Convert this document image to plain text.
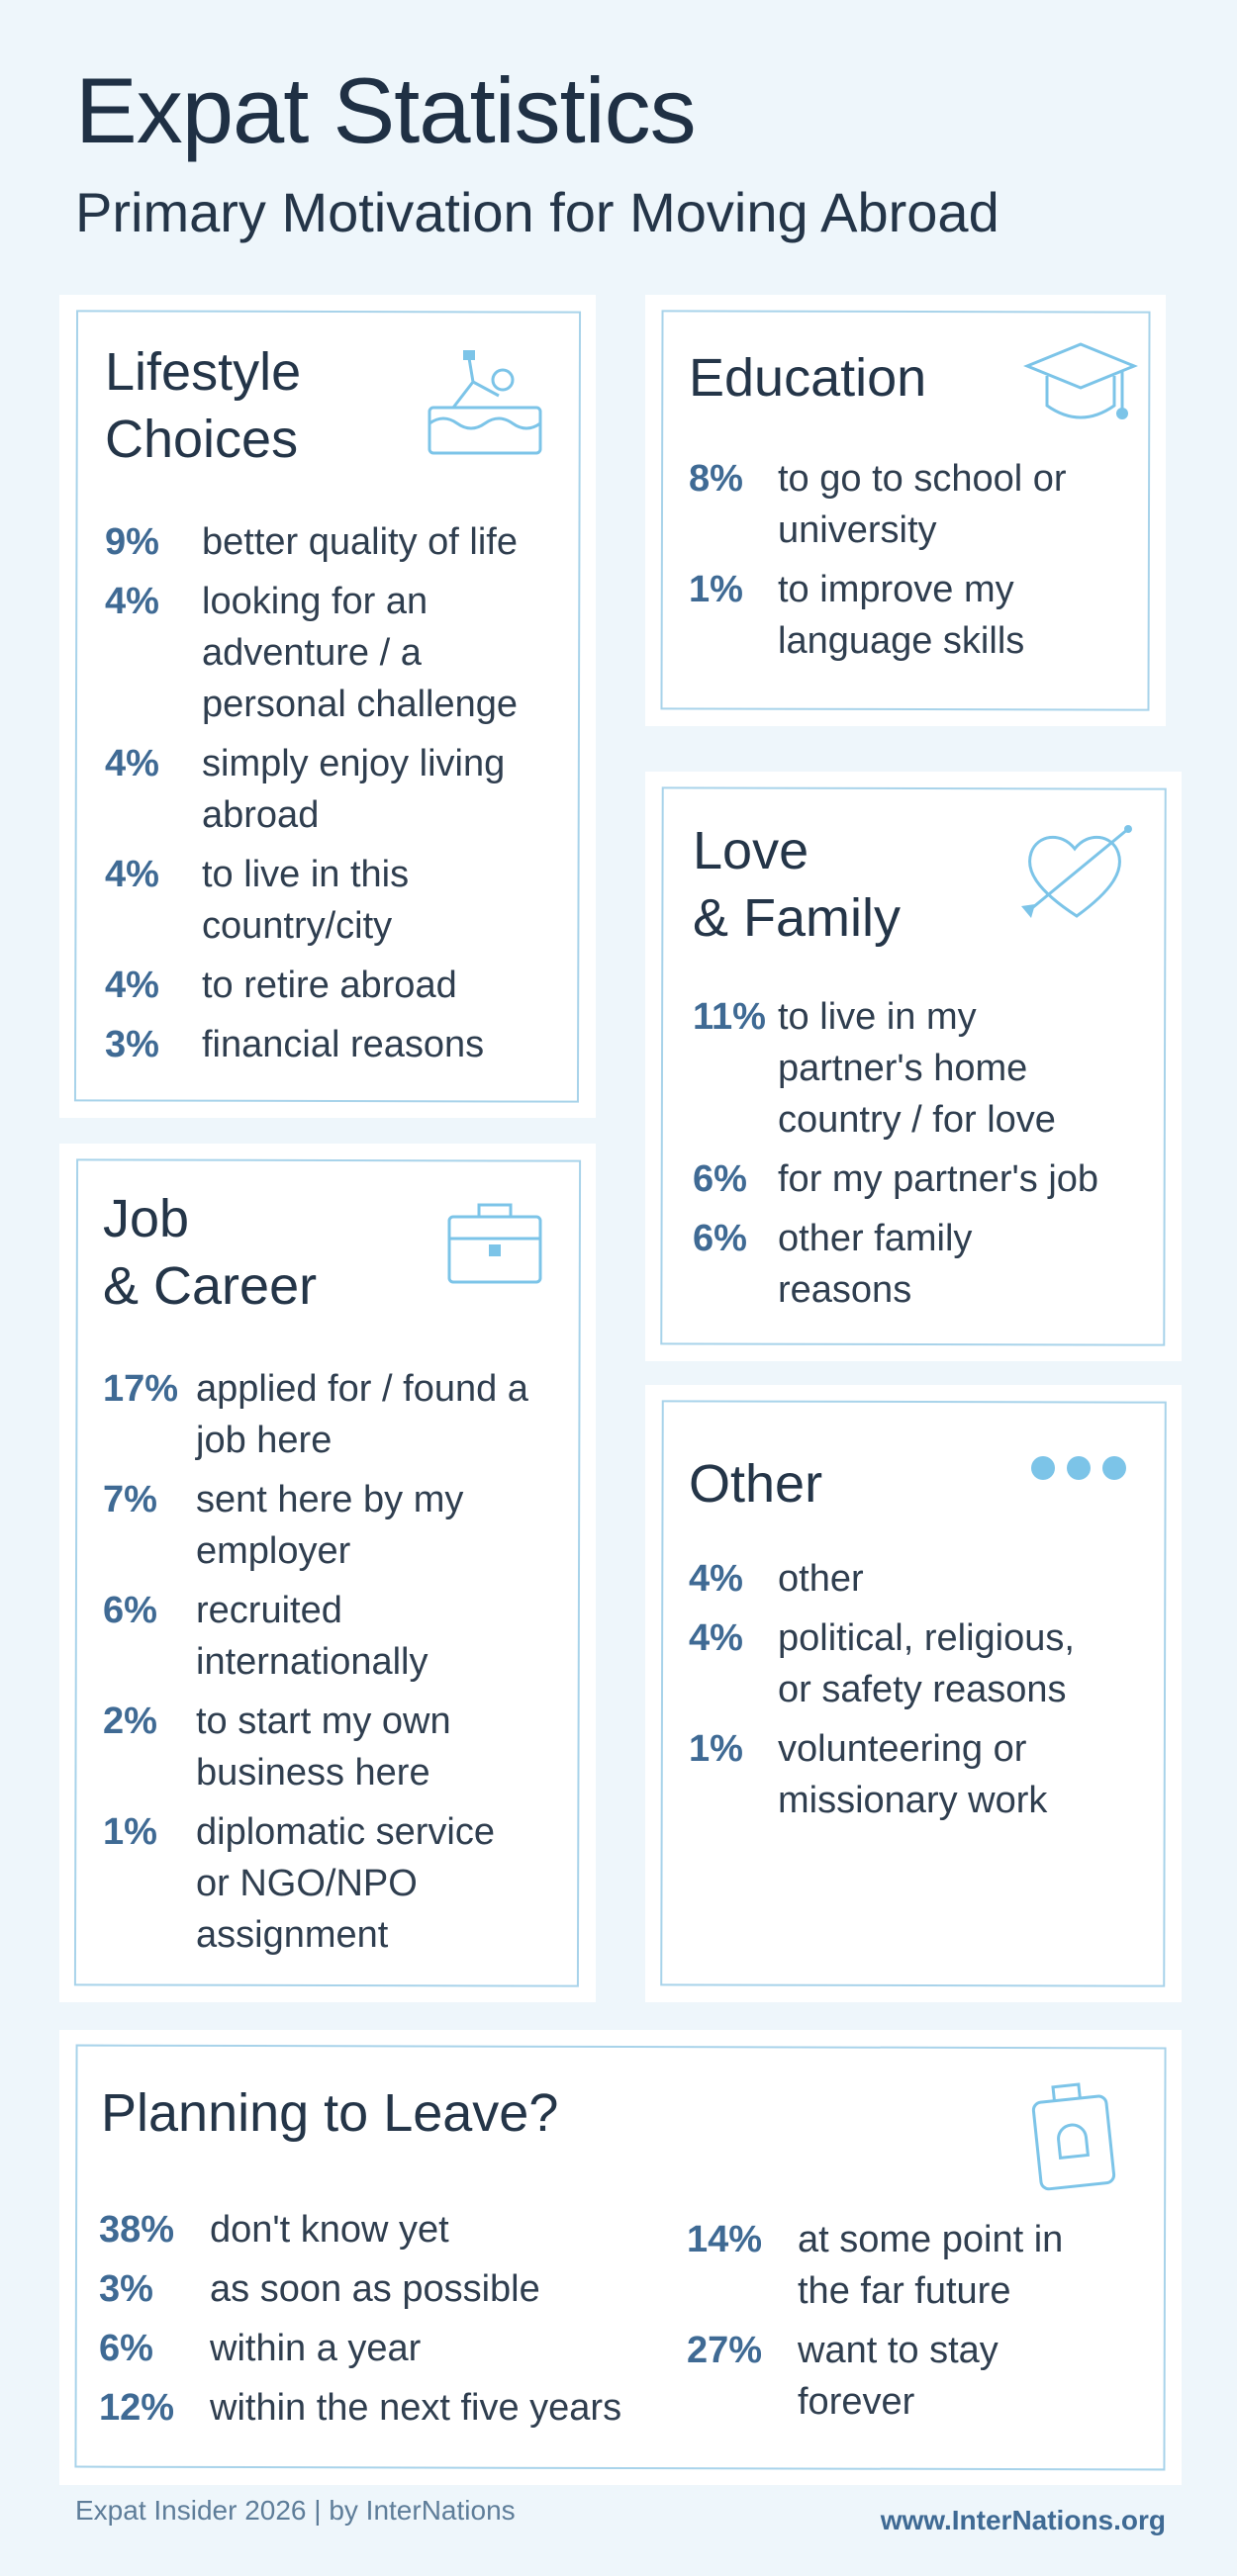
Expat Statistics
Primary Motivation for Moving Abroad
Lifestyle
Choices
9%	better quality of life
4%	looking for an adventure / a personal challenge
4%	simply enjoy living abroad
4%	to live in this country/city
4%	to retire abroad
3%	financial reasons
Education
8% to go to school or university
1% to improve my language skills
Love
& Family
11% to live in my partner's home country / for love
6% for my partner's job
6% other family reasons
Job
& Career
17% applied for / found a job here
7%	sent here by my employer
6%	recruited internationally
2%	to start my own business here
1%	diplomatic service or NGO/NPO assignment
Other
4% other
4% political, religious, or safety reasons
1% volunteering or missionary work
Planning to Leave?
38% don't know yet
3%	as soon as possible
6%	within a year
12% within the next five years
14% at some point in the far future
27% want to stay forever
Expat Insider 2026 | by InterNations	www.InterNations.org
